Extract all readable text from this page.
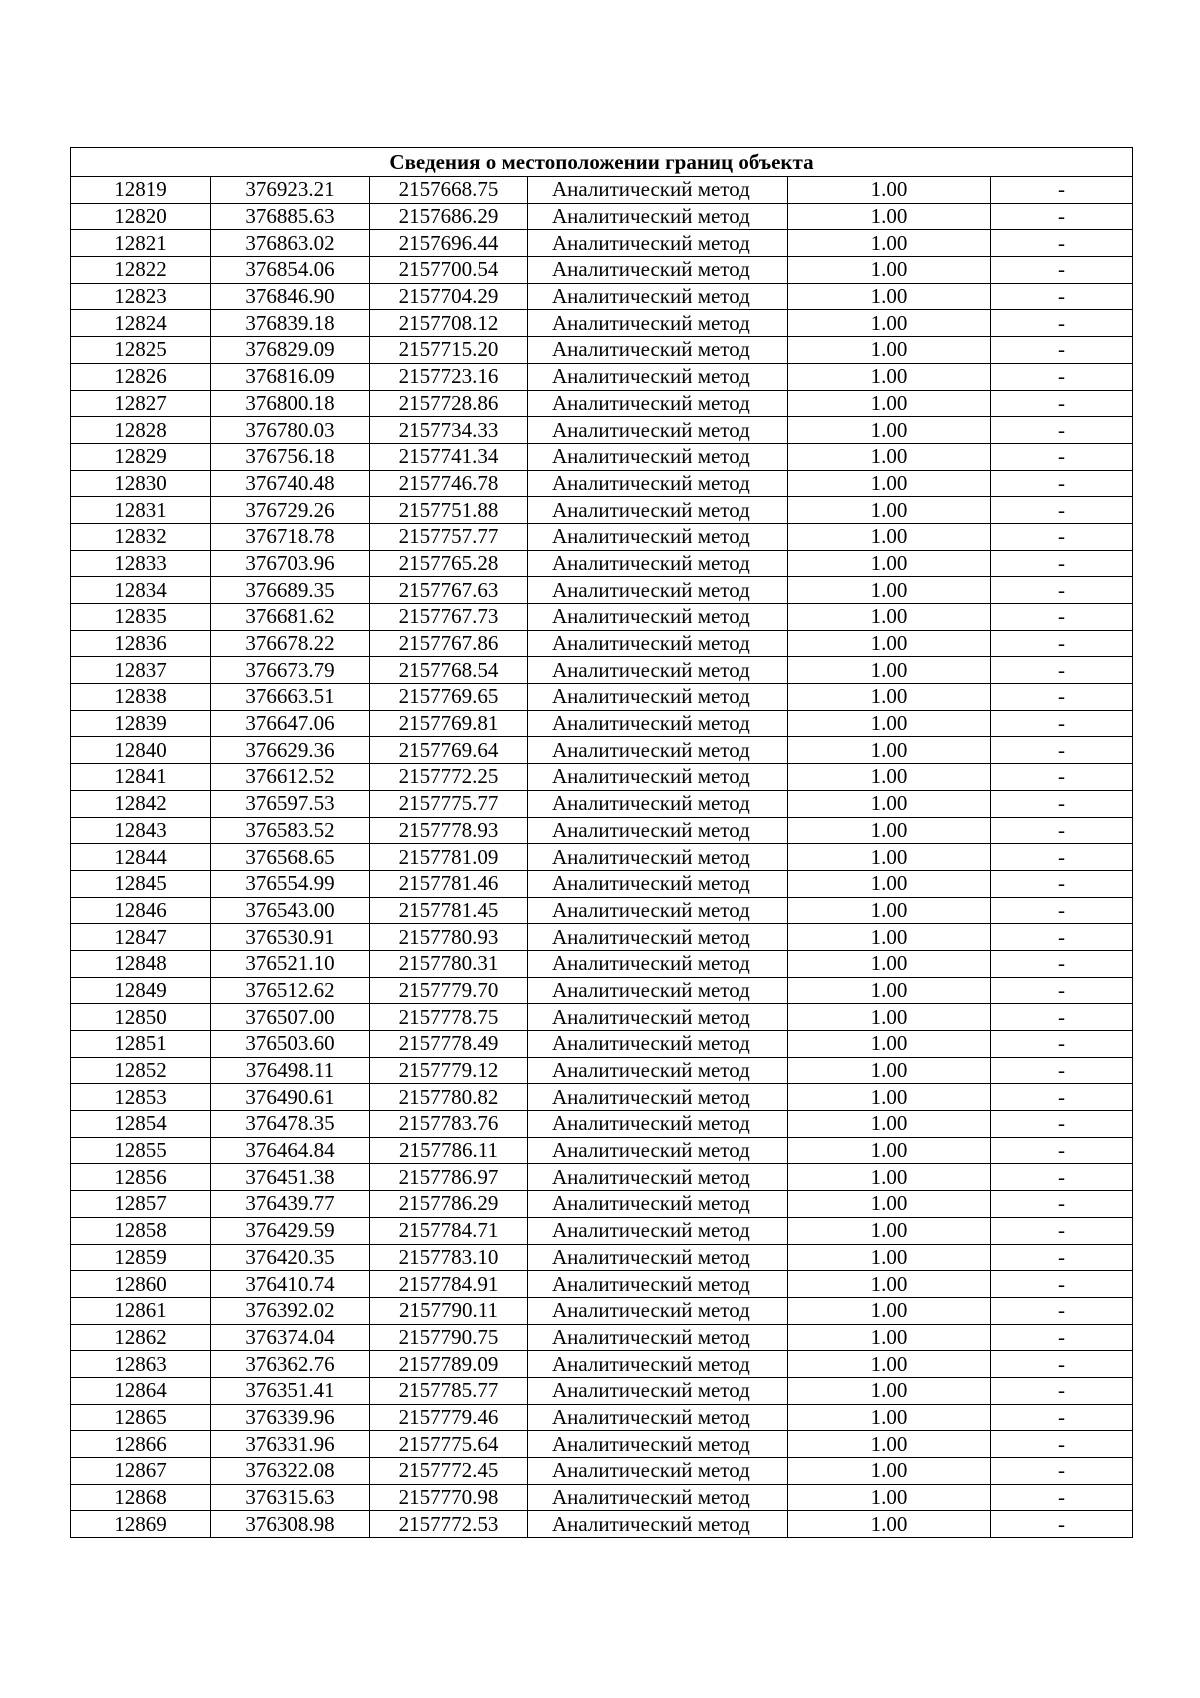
Сведения о местоположении границ объекта					
12819	376923.21	2157668.75	Аналитический метод	1.00	-
12820	376885.63	2157686.29	Аналитический метод	1.00	-
12821	376863.02	2157696.44	Аналитический метод	1.00	-
12822	376854.06	2157700.54	Аналитический метод	1.00	-
12823	376846.90	2157704.29	Аналитический метод	1.00	-
12824	376839.18	2157708.12	Аналитический метод	1.00	-
12825	376829.09	2157715.20	Аналитический метод	1.00	-
12826	376816.09	2157723.16	Аналитический метод	1.00	-
12827	376800.18	2157728.86	Аналитический метод	1.00	-
12828	376780.03	2157734.33	Аналитический метод	1.00	-
12829	376756.18	2157741.34	Аналитический метод	1.00	-
12830	376740.48	2157746.78	Аналитический метод	1.00	-
12831	376729.26	2157751.88	Аналитический метод	1.00	-
12832	376718.78	2157757.77	Аналитический метод	1.00	-
12833	376703.96	2157765.28	Аналитический метод	1.00	-
12834	376689.35	2157767.63	Аналитический метод	1.00	-
12835	376681.62	2157767.73	Аналитический метод	1.00	-
12836	376678.22	2157767.86	Аналитический метод	1.00	-
12837	376673.79	2157768.54	Аналитический метод	1.00	-
12838	376663.51	2157769.65	Аналитический метод	1.00	-
12839	376647.06	2157769.81	Аналитический метод	1.00	-
12840	376629.36	2157769.64	Аналитический метод	1.00	-
12841	376612.52	2157772.25	Аналитический метод	1.00	-
12842	376597.53	2157775.77	Аналитический метод	1.00	-
12843	376583.52	2157778.93	Аналитический метод	1.00	-
12844	376568.65	2157781.09	Аналитический метод	1.00	-
12845	376554.99	2157781.46	Аналитический метод	1.00	-
12846	376543.00	2157781.45	Аналитический метод	1.00	-
12847	376530.91	2157780.93	Аналитический метод	1.00	-
12848	376521.10	2157780.31	Аналитический метод	1.00	-
12849	376512.62	2157779.70	Аналитический метод	1.00	-
12850	376507.00	2157778.75	Аналитический метод	1.00	-
12851	376503.60	2157778.49	Аналитический метод	1.00	-
12852	376498.11	2157779.12	Аналитический метод	1.00	-
12853	376490.61	2157780.82	Аналитический метод	1.00	-
12854	376478.35	2157783.76	Аналитический метод	1.00	-
12855	376464.84	2157786.11	Аналитический метод	1.00	-
12856	376451.38	2157786.97	Аналитический метод	1.00	-
12857	376439.77	2157786.29	Аналитический метод	1.00	-
12858	376429.59	2157784.71	Аналитический метод	1.00	-
12859	376420.35	2157783.10	Аналитический метод	1.00	-
12860	376410.74	2157784.91	Аналитический метод	1.00	-
12861	376392.02	2157790.11	Аналитический метод	1.00	-
12862	376374.04	2157790.75	Аналитический метод	1.00	-
12863	376362.76	2157789.09	Аналитический метод	1.00	-
12864	376351.41	2157785.77	Аналитический метод	1.00	-
12865	376339.96	2157779.46	Аналитический метод	1.00	-
12866	376331.96	2157775.64	Аналитический метод	1.00	-
12867	376322.08	2157772.45	Аналитический метод	1.00	-
12868	376315.63	2157770.98	Аналитический метод	1.00	-
12869	376308.98	2157772.53	Аналитический метод	1.00	-
